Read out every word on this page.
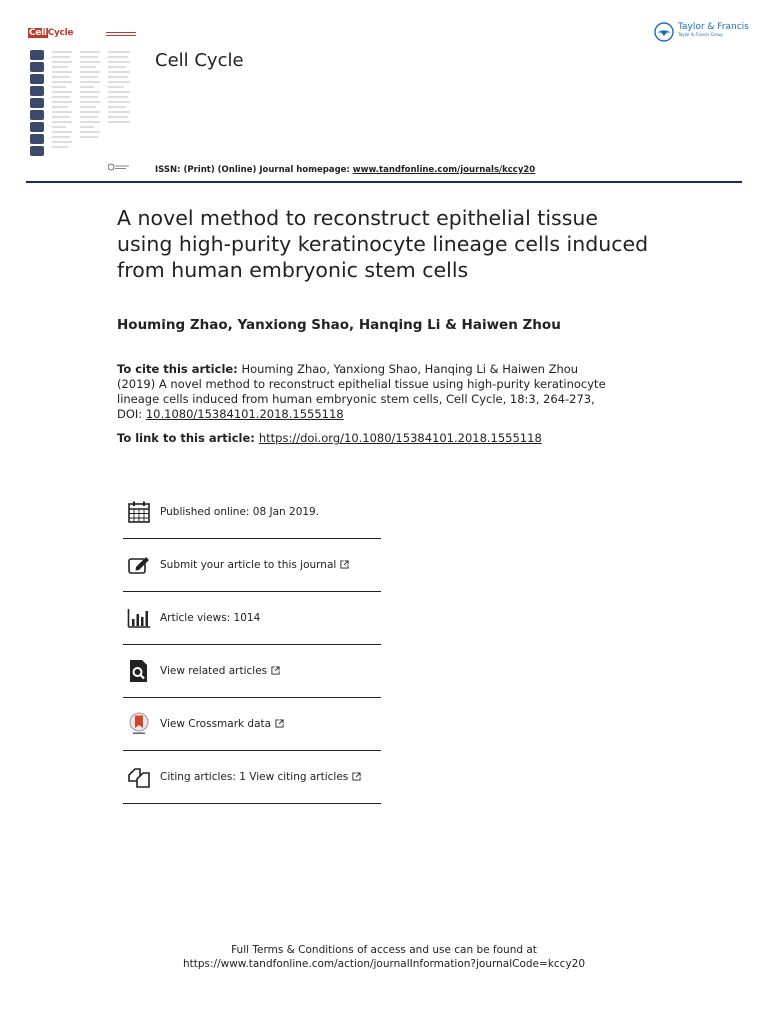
CellCycle
Cell Cycle
Taylor & Francis
Taylor & Francis Group
ISSN: (Print) (Online) Journal homepage: www.tandfonline.com/journals/kccy20
A novel method to reconstruct epithelial tissue using high-purity keratinocyte lineage cells induced from human embryonic stem cells
Houming Zhao, Yanxiong Shao, Hanqing Li & Haiwen Zhou
To cite this article: Houming Zhao, Yanxiong Shao, Hanqing Li & Haiwen Zhou (2019) A novel method to reconstruct epithelial tissue using high-purity keratinocyte lineage cells induced from human embryonic stem cells, Cell Cycle, 18:3, 264-273, DOI: 10.1080/15384101.2018.1555118
To link to this article: https://doi.org/10.1080/15384101.2018.1555118
Published online: 08 Jan 2019.
Submit your article to this journal
Article views: 1014
View related articles
View Crossmark data
Citing articles: 1 View citing articles
Full Terms & Conditions of access and use can be found at
https://www.tandfonline.com/action/journalInformation?journalCode=kccy20
